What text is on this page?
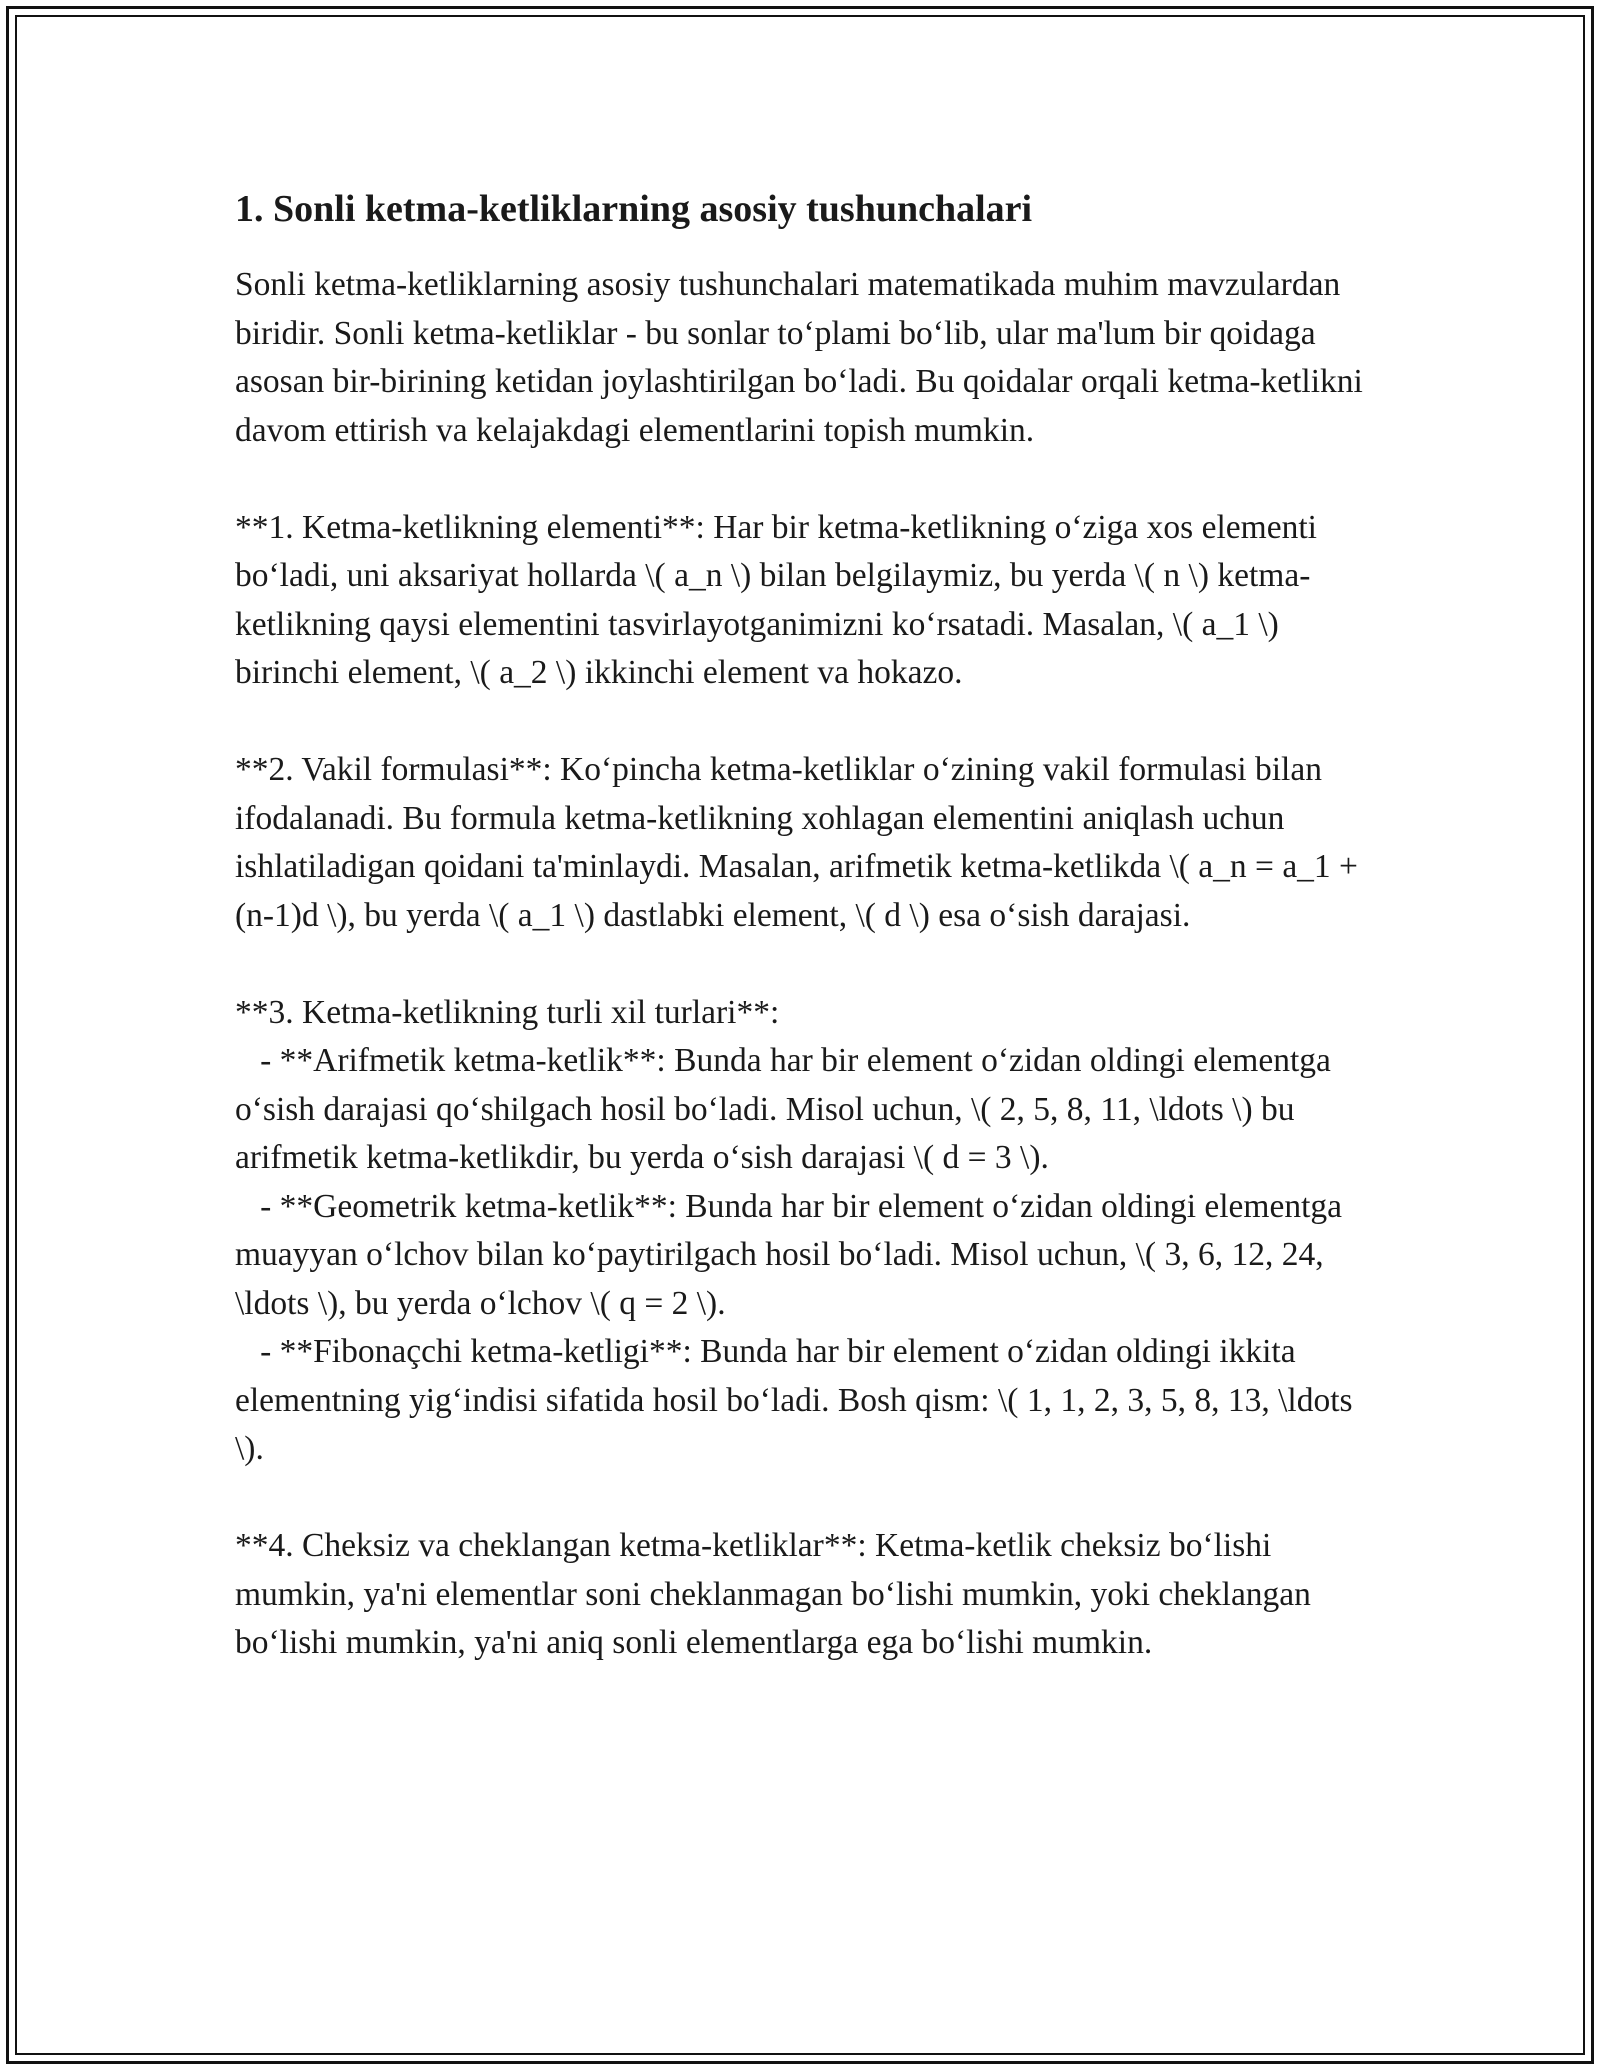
1. Sonli ketma-ketliklarning asosiy tushunchalari
Sonli ketma-ketliklarning asosiy tushunchalari matematikada muhim mavzulardan biridir. Sonli ketma-ketliklar - bu sonlar to‘plami bo‘lib, ular ma'lum bir qoidaga asosan bir-birining ketidan joylashtirilgan bo‘ladi. Bu qoidalar orqali ketma-ketlikni davom ettirish va kelajakdagi elementlarini topish mumkin.

**1. Ketma-ketlikning elementi**: Har bir ketma-ketlikning o‘ziga xos elementi bo‘ladi, uni aksariyat hollarda \( a_n \) bilan belgilaymiz, bu yerda \( n \) ketma-ketlikning qaysi elementini tasvirlayotganimizni ko‘rsatadi. Masalan, \( a_1 \) birinchi element, \( a_2 \) ikkinchi element va hokazo.

**2. Vakil formulasi**: Ko‘pincha ketma-ketliklar o‘zining vakil formulasi bilan ifodalanadi. Bu formula ketma-ketlikning xohlagan elementini aniqlash uchun ishlatiladigan qoidani ta'minlaydi. Masalan, arifmetik ketma-ketlikda \( a_n = a_1 + (n-1)d \), bu yerda \( a_1 \) dastlabki element, \( d \) esa o‘sish darajasi.

**3. Ketma-ketlikning turli xil turlari**:
- **Arifmetik ketma-ketlik**: Bunda har bir element o‘zidan oldingi elementga o‘sish darajasi qo‘shilgach hosil bo‘ladi. Misol uchun, \( 2, 5, 8, 11, \ldots \) bu arifmetik ketma-ketlikdir, bu yerda o‘sish darajasi \( d = 3 \).
- **Geometrik ketma-ketlik**: Bunda har bir element o‘zidan oldingi elementga muayyan o‘lchov bilan ko‘paytirilgach hosil bo‘ladi. Misol uchun, \( 3, 6, 12, 24, \ldots \), bu yerda o‘lchov \( q = 2 \).
- **Fibonaçchi ketma-ketligi**: Bunda har bir element o‘zidan oldingi ikkita elementning yig‘indisi sifatida hosil bo‘ladi. Bosh qism: \( 1, 1, 2, 3, 5, 8, 13, \ldots \).

**4. Cheksiz va cheklangan ketma-ketliklar**: Ketma-ketlik cheksiz bo‘lishi mumkin, ya'ni elementlar soni cheklanmagan bo‘lishi mumkin, yoki cheklangan bo‘lishi mumkin, ya'ni aniq sonli elementlarga ega bo‘lishi mumkin.
